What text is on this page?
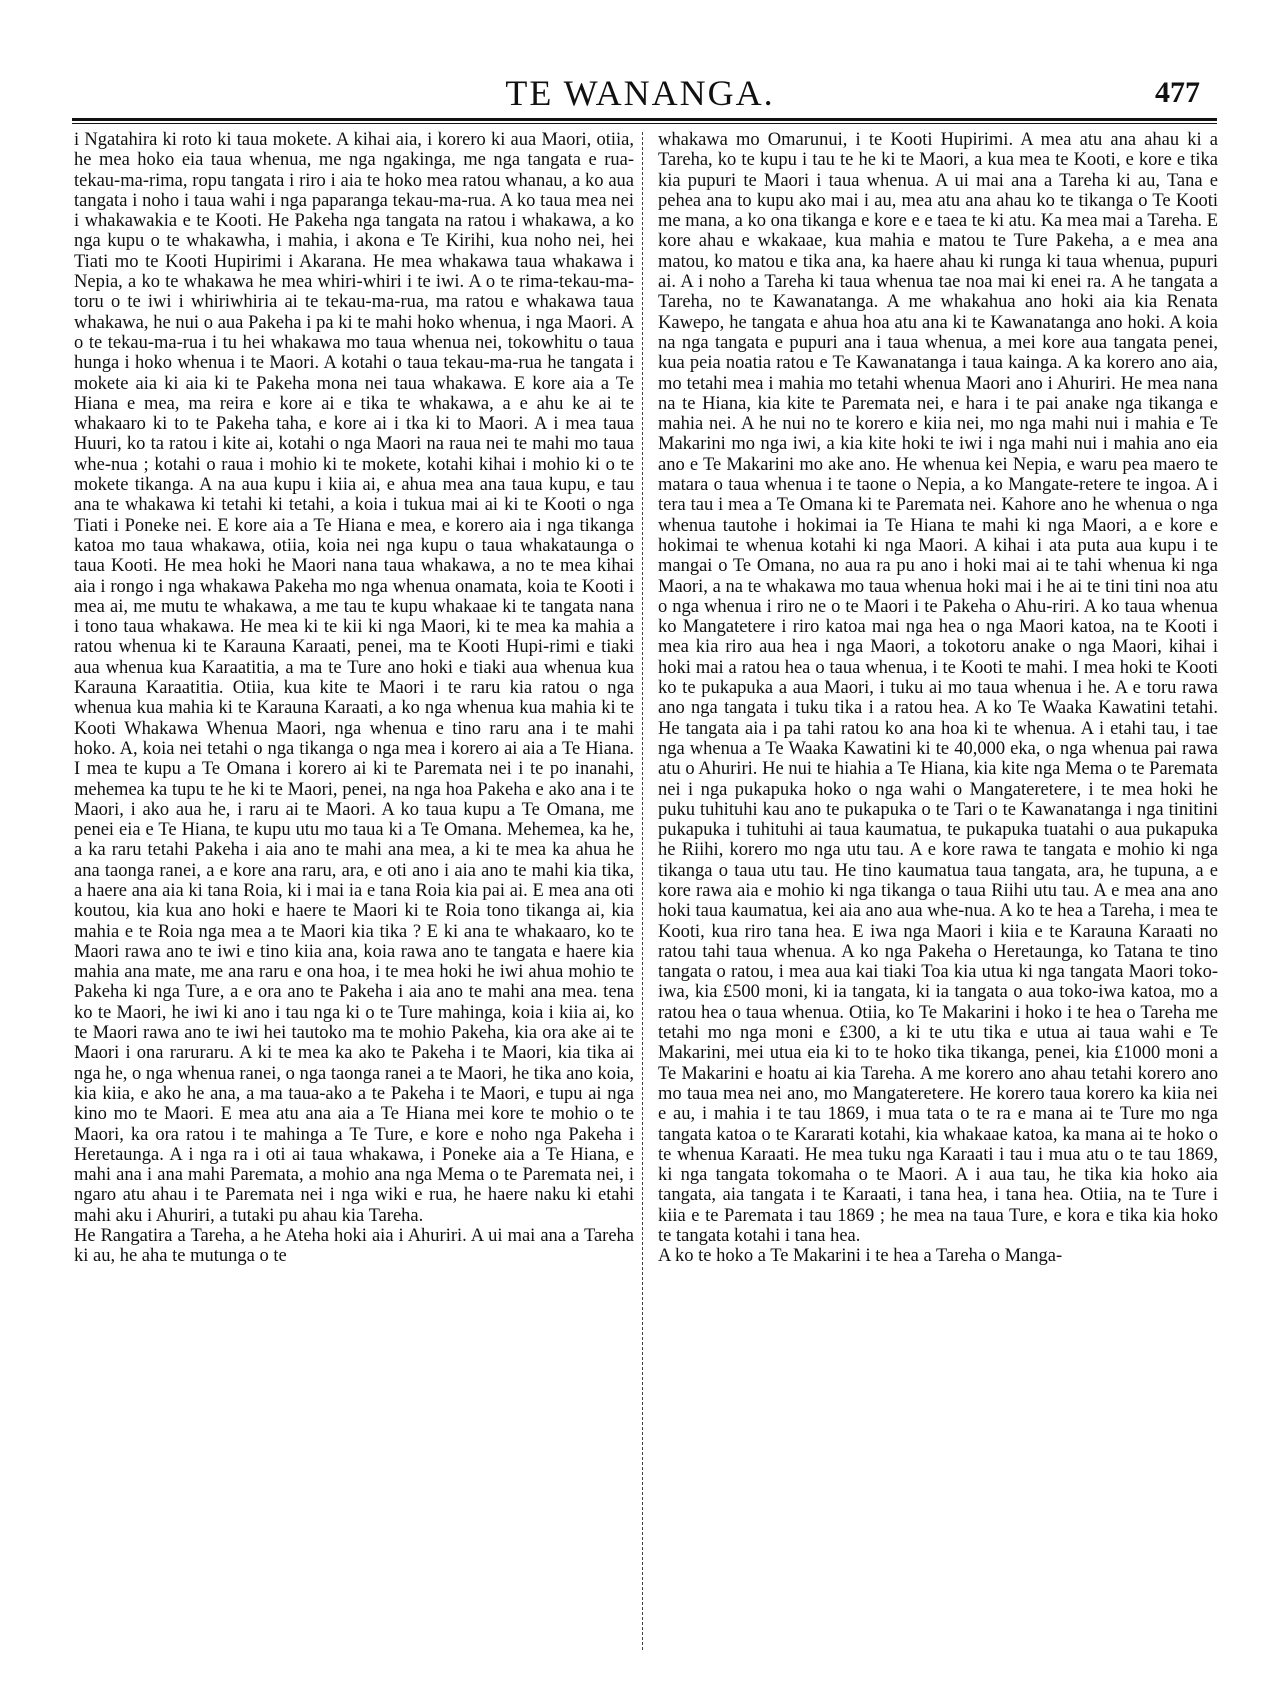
TE WANANGA.	477

i Ngatahira ki roto ki taua mokete. A kihai aia, i korero ki aua Maori, otiia, he mea hoko eia taua whenua, me nga ngakinga, me nga tangata e rua-tekau-ma-rima, ropu tangata i riro i aia te hoko mea ratou whanau, a ko aua tangata i noho i taua wahi i nga paparanga tekau-ma-rua. A ko taua mea nei i whakawakia e te Kooti. He Pakeha nga tangata na ratou i whakawa, a ko nga kupu o te whakawha, i mahia, i akona e Te Kirihi, kua noho nei, hei Tiati mo te Kooti Hupirimi i Akarana. He mea whakawa taua whakawa i Nepia, a ko te whakawa he mea whiri-whiri i te iwi. A o te rima-tekau-ma-toru o te iwi i whiriwhiria ai te tekau-ma-rua, ma ratou e whakawa taua whakawa, he nui o aua Pakeha i pa ki te mahi hoko whenua, i nga Maori. A o te tekau-ma-rua i tu hei whakawa mo taua whenua nei, tokowhitu o taua hunga i hoko whenua i te Maori. A kotahi o taua tekau-ma-rua he tangata i mokete aia ki aia ki te Pakeha mona nei taua whakawa. E kore aia a Te Hiana e mea, ma reira e kore ai e tika te whakawa, a e ahu ke ai te whakaaro ki to te Pakeha taha, e kore ai i tka ki to Maori. A i mea taua Huuri, ko ta ratou i kite ai, kotahi o nga Maori na raua nei te mahi mo taua whe-nua ; kotahi o raua i mohio ki te mokete, kotahi kihai i mohio ki o te mokete tikanga. A na aua kupu i kiia ai, e ahua mea ana taua kupu, e tau ana te whakawa ki tetahi ki tetahi, a koia i tukua mai ai ki te Kooti o nga Tiati i Poneke nei. E kore aia a Te Hiana e mea, e korero aia i nga tikanga katoa mo taua whakawa, otiia, koia nei nga kupu o taua whakataunga o taua Kooti. He mea hoki he Maori nana taua whakawa, a no te mea kihai aia i rongo i nga whakawa Pakeha mo nga whenua onamata, koia te Kooti i mea ai, me mutu te whakawa, a me tau te kupu whakaae ki te tangata nana i tono taua whakawa. He mea ki te kii ki nga Maori, ki te mea ka mahia a ratou whenua ki te Karauna Karaati, penei, ma te Kooti Hupi-rimi e tiaki aua whenua kua Karaatitia, a ma te Ture ano hoki e tiaki aua whenua kua Karauna Karaatitia. Otiia, kua kite te Maori i te raru kia ratou o nga whenua kua mahia ki te Karauna Karaati, a ko nga whenua kua mahia ki te Kooti Whakawa Whenua Maori, nga whenua e tino raru ana i te mahi hoko. A, koia nei tetahi o nga tikanga o nga mea i korero ai aia a Te Hiana. I mea te kupu a Te Omana i korero ai ki te Paremata nei i te po inanahi, mehemea ka tupu te he ki te Maori, penei, na nga hoa Pakeha e ako ana i te Maori, i ako aua he, i raru ai te Maori. A ko taua kupu a Te Omana, me penei eia e Te Hiana, te kupu utu mo taua ki a Te Omana. Mehemea, ka he, a ka raru tetahi Pakeha i aia ano te mahi ana mea, a ki te mea ka ahua he ana taonga ranei, a e kore ana raru, ara, e oti ano i aia ano te mahi kia tika, a haere ana aia ki tana Roia, ki i mai ia e tana Roia kia pai ai. E mea ana oti koutou, kia kua ano hoki e haere te Maori ki te Roia tono tikanga ai, kia mahia e te Roia nga mea a te Maori kia tika ? E ki ana te whakaaro, ko te Maori rawa ano te iwi e tino kiia ana, koia rawa ano te tangata e haere kia mahia ana mate, me ana raru e ona hoa, i te mea hoki he iwi ahua mohio te Pakeha ki nga Ture, a e ora ano te Pakeha i aia ano te mahi ana mea. tena ko te Maori, he iwi ki ano i tau nga ki o te Ture mahinga, koia i kiia ai, ko te Maori rawa ano te iwi hei tautoko ma te mohio Pakeha, kia ora ake ai te Maori i ona raruraru. A ki te mea ka ako te Pakeha i te Maori, kia tika ai nga he, o nga whenua ranei, o nga taonga ranei a te Maori, he tika ano koia, kia kiia, e ako he ana, a ma taua-ako a te Pakeha i te Maori, e tupu ai nga kino mo te Maori. E mea atu ana aia a Te Hiana mei kore te mohio o te Maori, ka ora ratou i te mahinga a Te Ture, e kore e noho nga Pakeha i Heretaunga. A i nga ra i oti ai taua whakawa, i Poneke aia a Te Hiana, e mahi ana i ana mahi Paremata, a mohio ana nga Mema o te Paremata nei, i ngaro atu ahau i te Paremata nei i nga wiki e rua, he haere naku ki etahi mahi aku i Ahuriri, a tutaki pu ahau kia Tareha.

He Rangatira a Tareha, a he Ateha hoki aia i Ahuriri. A ui mai ana a Tareha ki au, he aha te mutunga o te

whakawa mo Omarunui, i te Kooti Hupirimi. A mea atu ana ahau ki a Tareha, ko te kupu i tau te he ki te Maori, a kua mea te Kooti, e kore e tika kia pupuri te Maori i taua whenua. A ui mai ana a Tareha ki au, Tana e pehea ana to kupu ako mai i au, mea atu ana ahau ko te tikanga o Te Kooti me mana, a ko ona tikanga e kore e e taea te ki atu. Ka mea mai a Tareha. E kore ahau e wkakaae, kua mahia e matou te Ture Pakeha, a e mea ana matou, ko matou e tika ana, ka haere ahau ki runga ki taua whenua, pupuri ai. A i noho a Tareha ki taua whenua tae noa mai ki enei ra. A he tangata a Tareha, no te Kawanatanga. A me whakahua ano hoki aia kia Renata Kawepo, he tangata e ahua hoa atu ana ki te Kawanatanga ano hoki. A koia na nga tangata e pupuri ana i taua whenua, a mei kore aua tangata penei, kua peia noatia ratou e Te Kawanatanga i taua kainga. A ka korero ano aia, mo tetahi mea i mahia mo tetahi whenua Maori ano i Ahuriri. He mea nana na te Hiana, kia kite te Paremata nei, e hara i te pai anake nga tikanga e mahia nei. A he nui no te korero e kiia nei, mo nga mahi nui i mahia e Te Makarini mo nga iwi, a kia kite hoki te iwi i nga mahi nui i mahia ano eia ano e Te Makarini mo ake ano. He whenua kei Nepia, e waru pea maero te matara o taua whenua i te taone o Nepia, a ko Mangate-retere te ingoa. A i tera tau i mea a Te Omana ki te Paremata nei. Kahore ano he whenua o nga whenua tautohe i hokimai ia Te Hiana te mahi ki nga Maori, a e kore e hokimai te whenua kotahi ki nga Maori. A kihai i ata puta aua kupu i te mangai o Te Omana, no aua ra pu ano i hoki mai ai te tahi whenua ki nga Maori, a na te whakawa mo taua whenua hoki mai i he ai te tini tini noa atu o nga whenua i riro ne o te Maori i te Pakeha o Ahu-riri. A ko taua whenua ko Mangatetere i riro katoa mai nga hea o nga Maori katoa, na te Kooti i mea kia riro aua hea i nga Maori, a tokotoru anake o nga Maori, kihai i hoki mai a ratou hea o taua whenua, i te Kooti te mahi. I mea hoki te Kooti ko te pukapuka a aua Maori, i tuku ai mo taua whenua i he. A e toru rawa ano nga tangata i tuku tika i a ratou hea. A ko Te Waaka Kawatini tetahi. He tangata aia i pa tahi ratou ko ana hoa ki te whenua. A i etahi tau, i tae nga whenua a Te Waaka Kawatini ki te 40,000 eka, o nga whenua pai rawa atu o Ahuriri. He nui te hiahia a Te Hiana, kia kite nga Mema o te Paremata nei i nga pukapuka hoko o nga wahi o Mangateretere, i te mea hoki he puku tuhituhi kau ano te pukapuka o te Tari o te Kawanatanga i nga tinitini pukapuka i tuhituhi ai taua kaumatua, te pukapuka tuatahi o aua pukapuka he Riihi, korero mo nga utu tau. A e kore rawa te tangata e mohio ki nga tikanga o taua utu tau. He tino kaumatua taua tangata, ara, he tupuna, a e kore rawa aia e mohio ki nga tikanga o taua Riihi utu tau. A e mea ana ano hoki taua kaumatua, kei aia ano aua whe-nua. A ko te hea a Tareha, i mea te Kooti, kua riro tana hea. E iwa nga Maori i kiia e te Karauna Karaati no ratou tahi taua whenua. A ko nga Pakeha o Heretaunga, ko Tatana te tino tangata o ratou, i mea aua kai tiaki Toa kia utua ki nga tangata Maori toko-iwa, kia £500 moni, ki ia tangata, ki ia tangata o aua toko-iwa katoa, mo a ratou hea o taua whenua. Otiia, ko Te Makarini i hoko i te hea o Tareha me tetahi mo nga moni e £300, a ki te utu tika e utua ai taua wahi e Te Makarini, mei utua eia ki to te hoko tika tikanga, penei, kia £1000 moni a Te Makarini e hoatu ai kia Tareha. A me korero ano ahau tetahi korero ano mo taua mea nei ano, mo Mangateretere. He korero taua korero ka kiia nei e au, i mahia i te tau 1869, i mua tata o te ra e mana ai te Ture mo nga tangata katoa o te Kararati kotahi, kia whakaae katoa, ka mana ai te hoko o te whenua Karaati. He mea tuku nga Karaati i tau i mua atu o te tau 1869, ki nga tangata tokomaha o te Maori. A i aua tau, he tika kia hoko aia tangata, aia tangata i te Karaati, i tana hea, i tana hea. Otiia, na te Ture i kiia e te Paremata i tau 1869 ; he mea na taua Ture, e kora e tika kia hoko te tangata kotahi i tana hea.

A ko te hoko a Te Makarini i te hea a Tareha o Manga-
